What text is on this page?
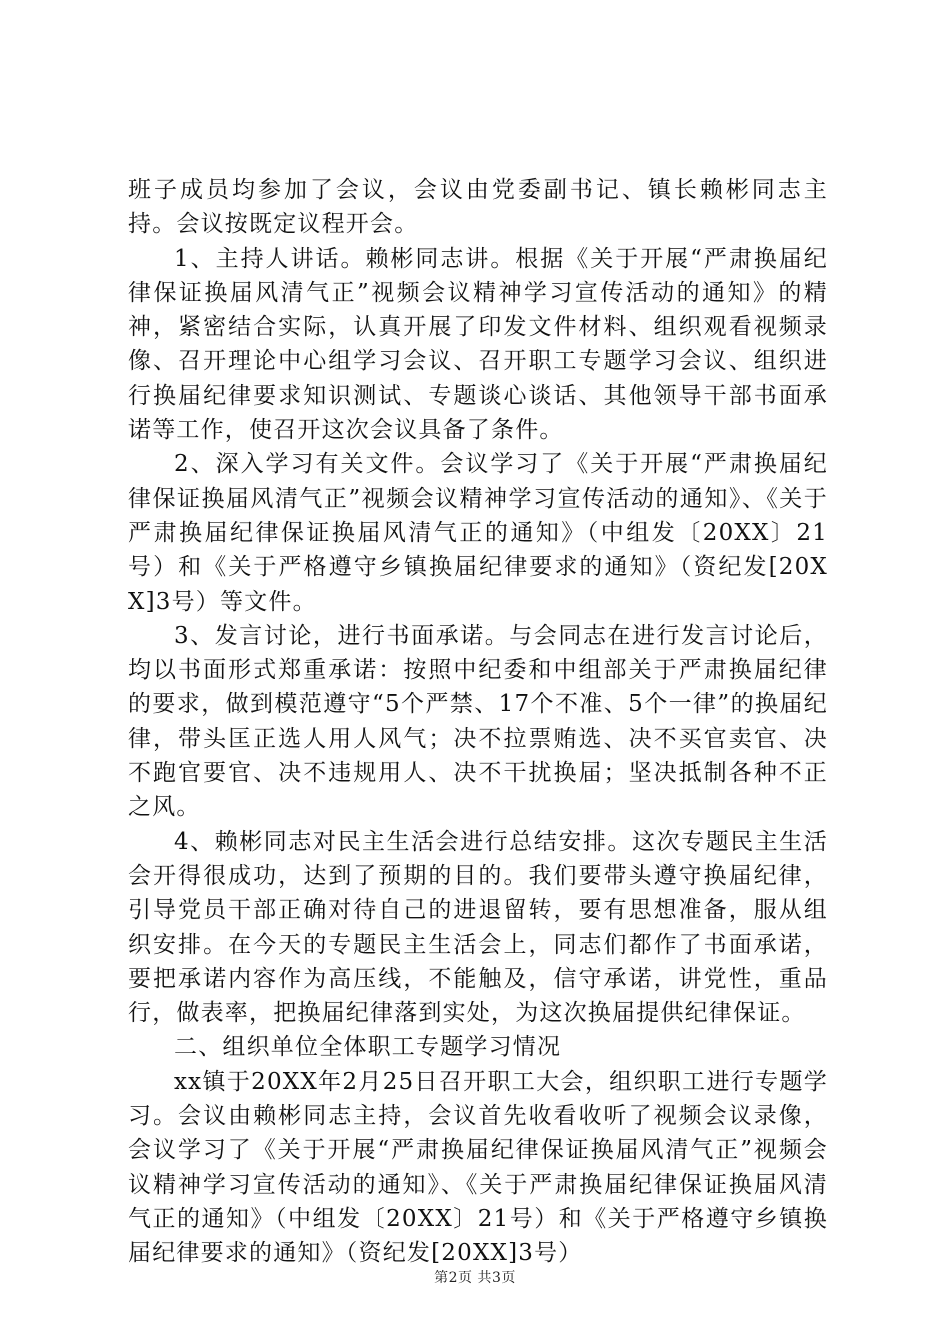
班子成员均参加了会议，会议由党委副书记、镇长赖彬同志主持。会议按既定议程开会。

1、主持人讲话。赖彬同志讲。根据《关于开展“严肃换届纪律保证换届风清气正”视频会议精神学习宣传活动的通知》的精神，紧密结合实际，认真开展了印发文件材料、组织观看视频录像、召开理论中心组学习会议、召开职工专题学习会议、组织进行换届纪律要求知识测试、专题谈心谈话、其他领导干部书面承诺等工作，使召开这次会议具备了条件。

2、深入学习有关文件。会议学习了《关于开展“严肃换届纪律保证换届风清气正”视频会议精神学习宣传活动的通知》、《关于严肃换届纪律保证换届风清气正的通知》（中组发〔20XX〕21号）和《关于严格遵守乡镇换届纪律要求的通知》（资纪发[20XX]3号）等文件。

3、发言讨论，进行书面承诺。与会同志在进行发言讨论后，均以书面形式郑重承诺：按照中纪委和中组部关于严肃换届纪律的要求，做到模范遵守“5个严禁、17个不准、5个一律”的换届纪律，带头匡正选人用人风气；决不拉票贿选、决不买官卖官、决不跑官要官、决不违规用人、决不干扰换届；坚决抵制各种不正之风。

4、赖彬同志对民主生活会进行总结安排。这次专题民主生活会开得很成功，达到了预期的目的。我们要带头遵守换届纪律，引导党员干部正确对待自己的进退留转，要有思想准备，服从组织安排。在今天的专题民主生活会上，同志们都作了书面承诺，要把承诺内容作为高压线，不能触及，信守承诺，讲党性，重品行，做表率，把换届纪律落到实处，为这次换届提供纪律保证。

二、组织单位全体职工专题学习情况

xx镇于20XX年2月25日召开职工大会，组织职工进行专题学习。会议由赖彬同志主持，会议首先收看收听了视频会议录像，会议学习了《关于开展“严肃换届纪律保证换届风清气正”视频会议精神学习宣传活动的通知》、《关于严肃换届纪律保证换届风清气正的通知》（中组发〔20XX〕21号）和《关于严格遵守乡镇换届纪律要求的通知》（资纪发[20XX]3号）

第2页 共3页
